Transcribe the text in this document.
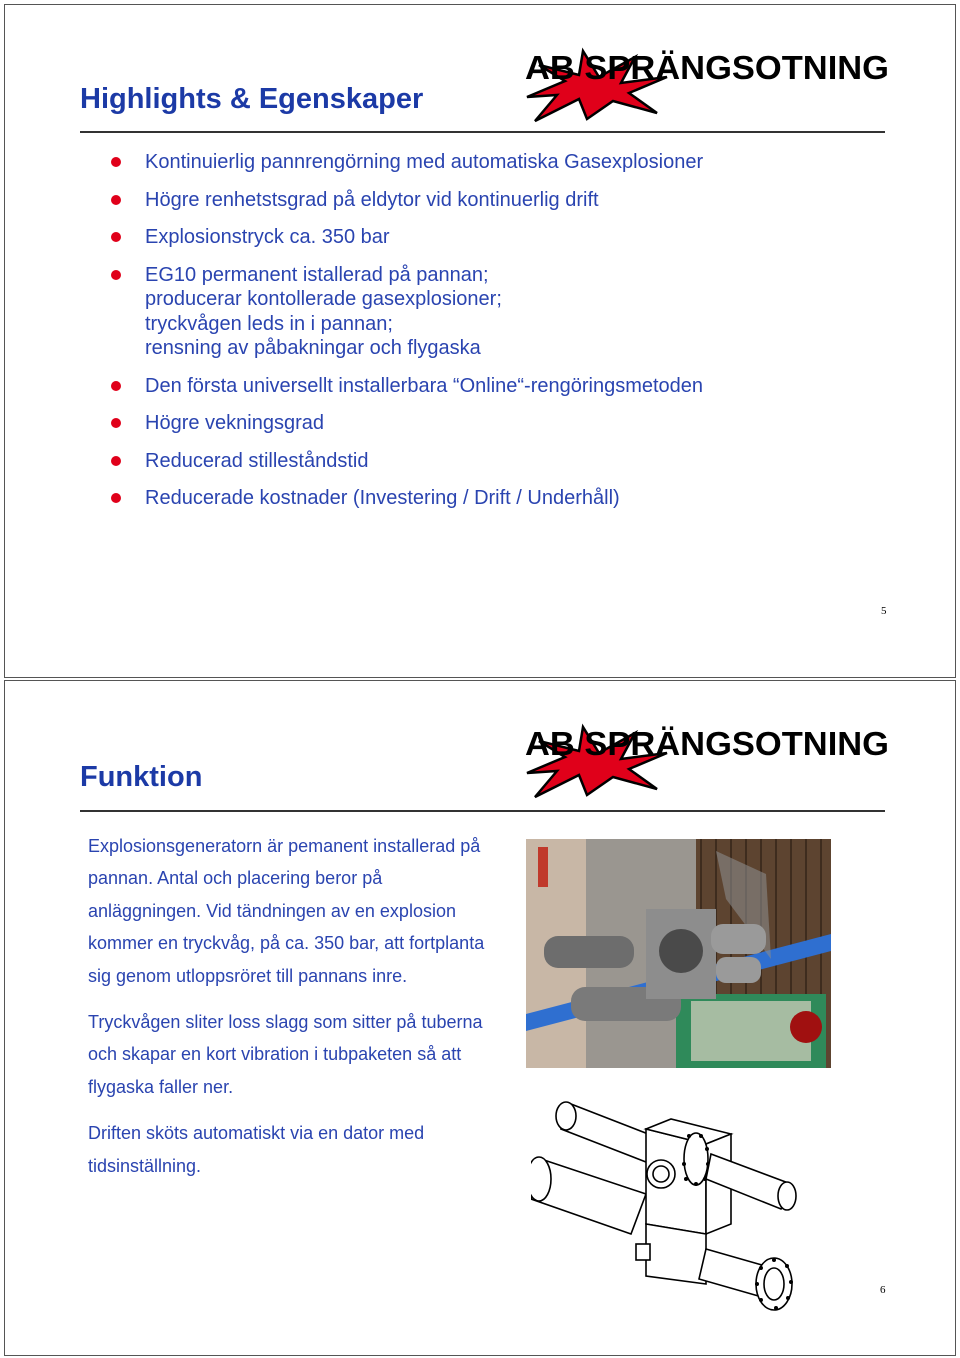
Highlights & Egenskaper
AB SPRÄNGSOTNING
Kontinuierlig pannrengörning med automatiska Gasexplosioner
Högre renhetstsgrad på eldytor vid kontinuerlig drift
Explosionstryck ca. 350 bar
EG10 permanent istallerad på pannan;
producerar kontollerade gasexplosioner;
tryckvågen leds in i pannan;
rensning av påbakningar och flygaska
Den första universellt installerbara “Online“-rengöringsmetoden
Högre vekningsgrad
Reducerad stilleståndstid
Reducerade kostnader (Investering / Drift / Underhåll)
5
Funktion
AB SPRÄNGSOTNING

Explosionsgeneratorn är pemanent installerad på pannan. Antal och placering beror på anläggningen. Vid tändningen av en explosion kommer en tryckvåg, på ca. 350 bar, att fortplanta sig genom utloppsröret till pannans inre.

Tryckvågen sliter loss slagg som sitter på tuberna och skapar en kort vibration i tubpaketen så att flygaska faller ner.

Driften sköts automatiskt via en dator med tidsinställning.

6
